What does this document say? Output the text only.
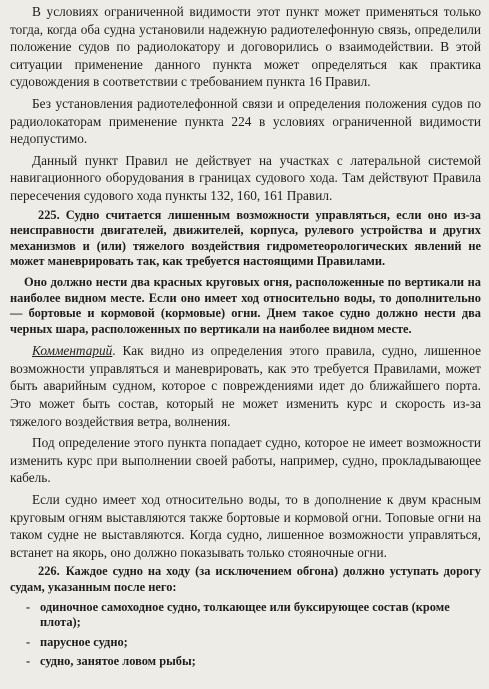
В условиях ограниченной видимости этот пункт может применяться только тогда, когда оба судна установили надежную радиотелефонную связь, определили положение судов по радиолокатору и договорились о взаимодействии. В этой ситуации применение данного пункта может определяться как практика судовождения в соответствии с требованием пункта 16 Правил.

Без установления радиотелефонной связи и определения положения судов по радиолокаторам применение пункта 224 в условиях ограниченной видимости недопустимо.

Данный пункт Правил не действует на участках с латеральной системой навигационного оборудования в границах судового хода. Там действуют Правила пересечения судового хода пункты 132, 160, 161 Правил.

225. Судно считается лишенным возможности управляться, если оно из-за неисправности двигателей, движителей, корпуса, рулевого устройства и других механизмов и (или) тяжелого воздействия гидрометеорологических явлений не может маневрировать так, как требуется настоящими Правилами.

Оно должно нести два красных круговых огня, расположенные по вертикали на наиболее видном месте. Если оно имеет ход относительно воды, то дополнительно — бортовые и кормовой (кормовые) огни. Днем такое судно должно нести два черных шара, расположенных по вертикали на наиболее видном месте.

Комментарий. Как видно из определения этого правила, судно, лишенное возможности управляться и маневрировать, как это требуется Правилами, может быть аварийным судном, которое с повреждениями идет до ближайшего порта. Это может быть состав, который не может изменить курс и скорость из-за тяжелого воздействия ветра, волнения.

Под определение этого пункта попадает судно, которое не имеет возможности изменить курс при выполнении своей работы, например, судно, прокладывающее кабель.

Если судно имеет ход относительно воды, то в дополнение к двум красным круговым огням выставляются также бортовые и кормовой огни. Топовые огни на таком судне не выставляются. Когда судно, лишенное возможности управляться, встанет на якорь, оно должно показывать только стояночные огни.

226. Каждое судно на ходу (за исключением обгона) должно уступать дорогу судам, указанным после него:

- одиночное самоходное судно, толкающее или буксирующее состав (кроме плота);
- парусное судно;
- судно, занятое ловом рыбы;
